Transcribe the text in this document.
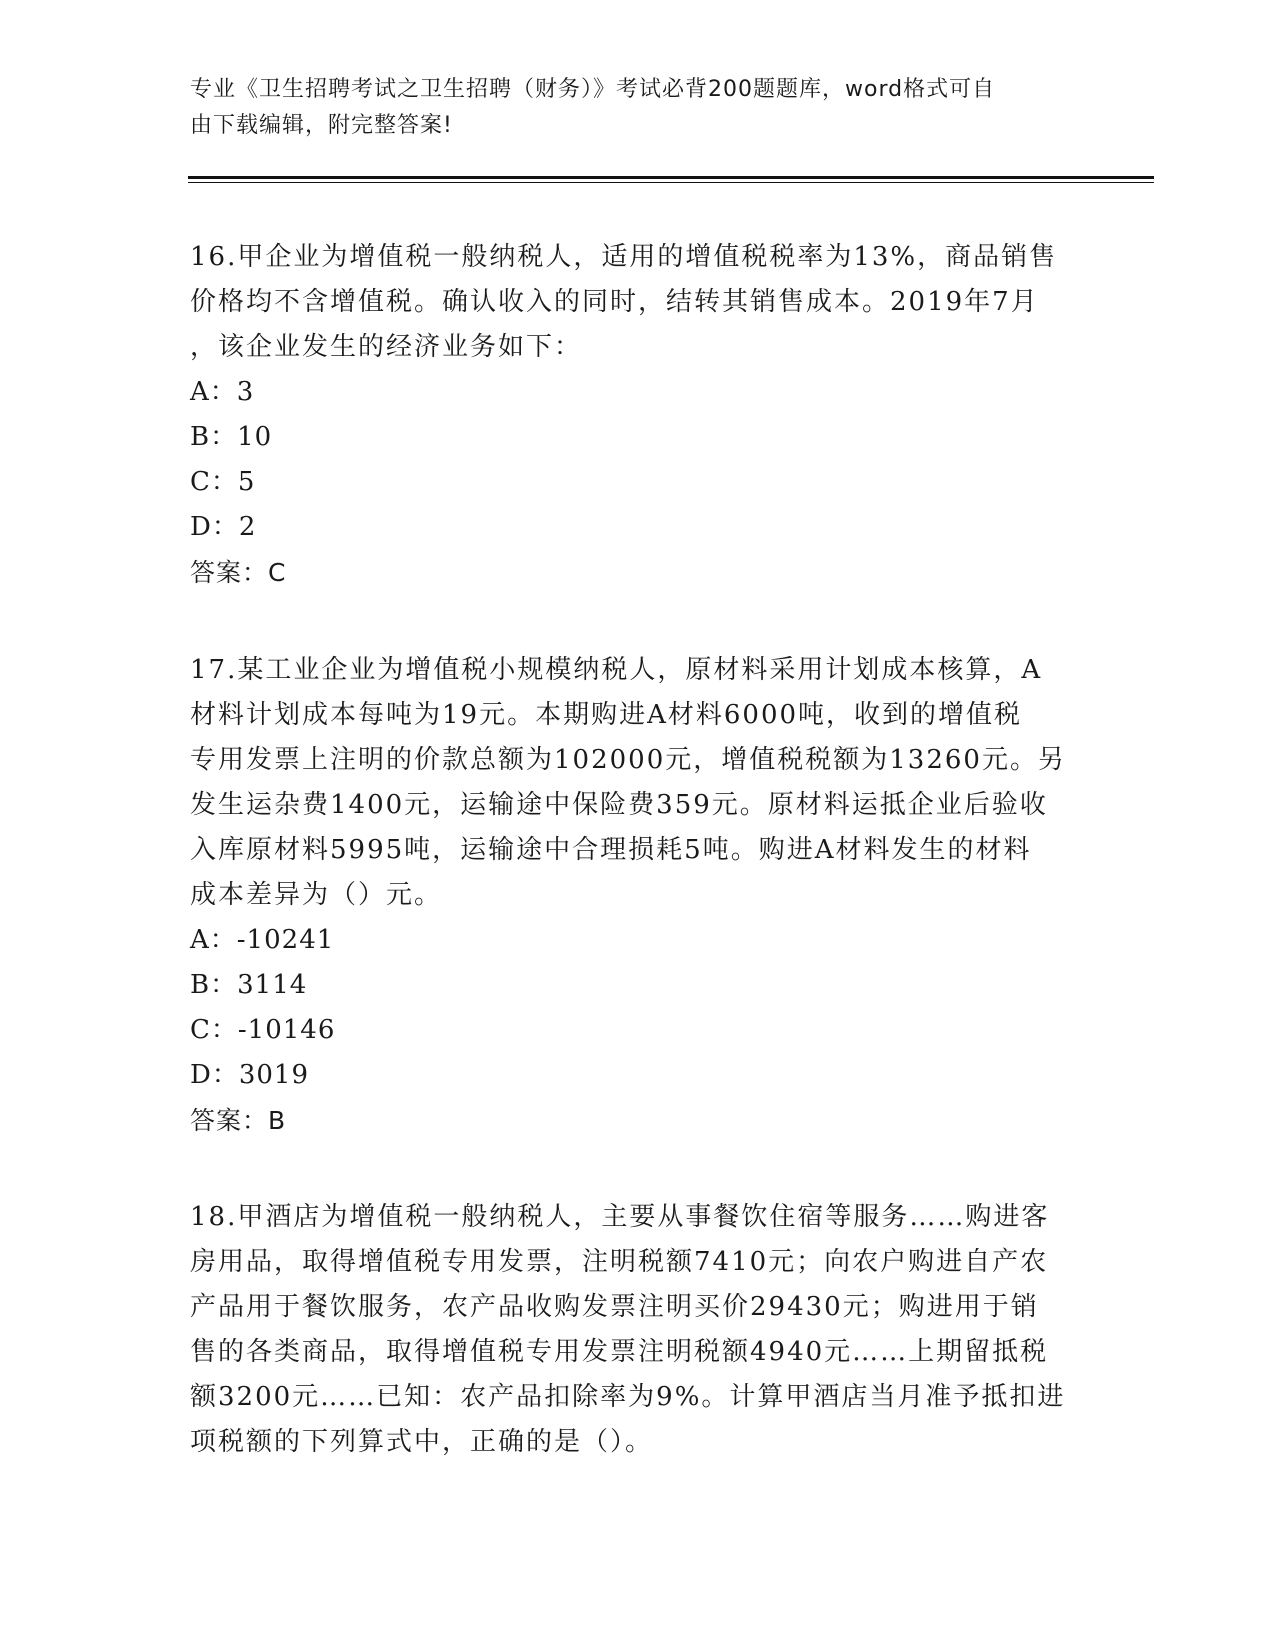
专业《卫生招聘考试之卫生招聘（财务）》考试必背200题题库，word格式可自
由下载编辑，附完整答案!
16.甲企业为增值税一般纳税人，适用的增值税税率为13%，商品销售
价格均不含增值税。确认收入的同时，结转其销售成本。2019年7月
，该企业发生的经济业务如下：
A：3
B：10
C：5
D：2
答案：C
17.某工业企业为增值税小规模纳税人，原材料采用计划成本核算，A
材料计划成本每吨为19元。本期购进A材料6000吨，收到的增值税
专用发票上注明的价款总额为102000元，增值税税额为13260元。另
发生运杂费1400元，运输途中保险费359元。原材料运抵企业后验收
入库原材料5995吨，运输途中合理损耗5吨。购进A材料发生的材料
成本差异为（）元。
A：-10241
B：3114
C：-10146
D：3019
答案：B
18.甲酒店为增值税一般纳税人，主要从事餐饮住宿等服务……购进客
房用品，取得增值税专用发票，注明税额7410元；向农户购进自产农
产品用于餐饮服务，农产品收购发票注明买价29430元；购进用于销
售的各类商品，取得增值税专用发票注明税额4940元……上期留抵税
额3200元……已知：农产品扣除率为9%。计算甲酒店当月准予抵扣进
项税额的下列算式中，正确的是（）。
